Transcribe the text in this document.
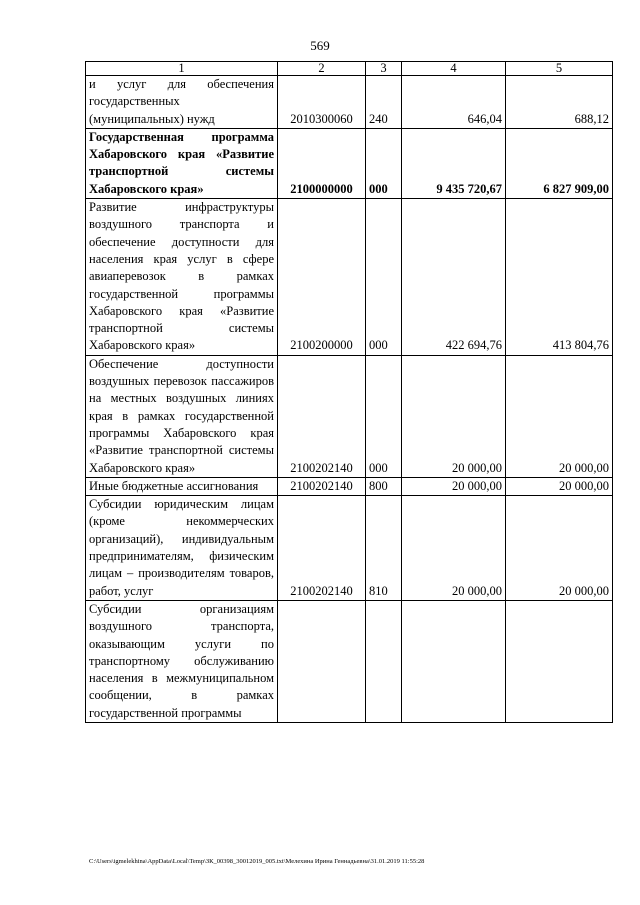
569
1	2	3	4	5
и услуг для обеспечения государственных (муниципальных) нужд	2010300060	240	646,04	688,12
Государственная программа Хабаровского края «Развитие транспортной системы Хабаровского края»	2100000000	000	9 435 720,67	6 827 909,00
Развитие инфраструктуры воздушного транспорта и обеспечение доступности для населения края услуг в сфере авиаперевозок в рамках государственной программы Хабаровского края «Развитие транспортной системы Хабаровского края»	2100200000	000	422 694,76	413 804,76
Обеспечение доступности воздушных перевозок пассажиров на местных воздушных линиях края в рамках государственной программы Хабаровского края «Развитие транспортной системы Хабаровского края»	2100202140	000	20 000,00	20 000,00
Иные бюджетные ассигнования	2100202140	800	20 000,00	20 000,00
Субсидии юридическим лицам (кроме некоммерческих организаций), индивидуальным предпринимателям, физическим лицам – производителям товаров, работ, услуг	2100202140	810	20 000,00	20 000,00
Субсидии организациям воздушного транспорта, оказывающим услуги по транспортному обслуживанию населения в межмуниципальном сообщении, в рамках государственной программы				
C:\Users\igmelekhina\AppData\Local\Temp\ЗК_00398_30012019_005.txt\Мелехина Ирина Геннадьевна\31.01.2019 11:55:28
